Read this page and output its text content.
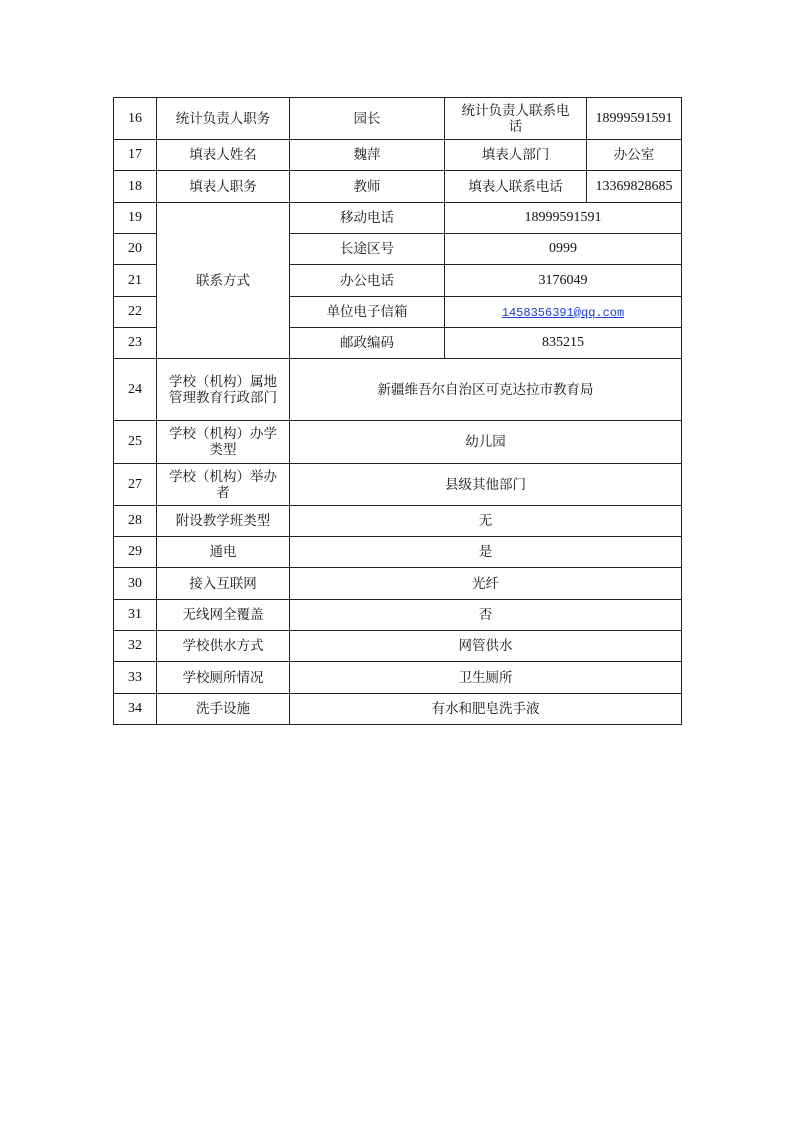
16	统计负责人职务	园长	统计负责人联系电话	18999591591
17	填表人姓名	魏萍	填表人部门	办公室
18	填表人职务	教师	填表人联系电话	13369828685
19	联系方式	移动电话	18999591591	
20		长途区号	0999	
21		办公电话	3176049	
22		单位电子信箱	1458356391@qq.com	
23		邮政编码	835215	
24	学校（机构）属地管理教育行政部门	新疆维吾尔自治区可克达拉市教育局		
25	学校（机构）办学类型	幼儿园		
27	学校（机构）举办者	县级其他部门		
28	附设教学班类型	无		
29	通电	是		
30	接入互联网	光纤		
31	无线网全覆盖	否		
32	学校供水方式	网管供水		
33	学校厕所情况	卫生厕所		
34	洗手设施	有水和肥皂洗手液		
